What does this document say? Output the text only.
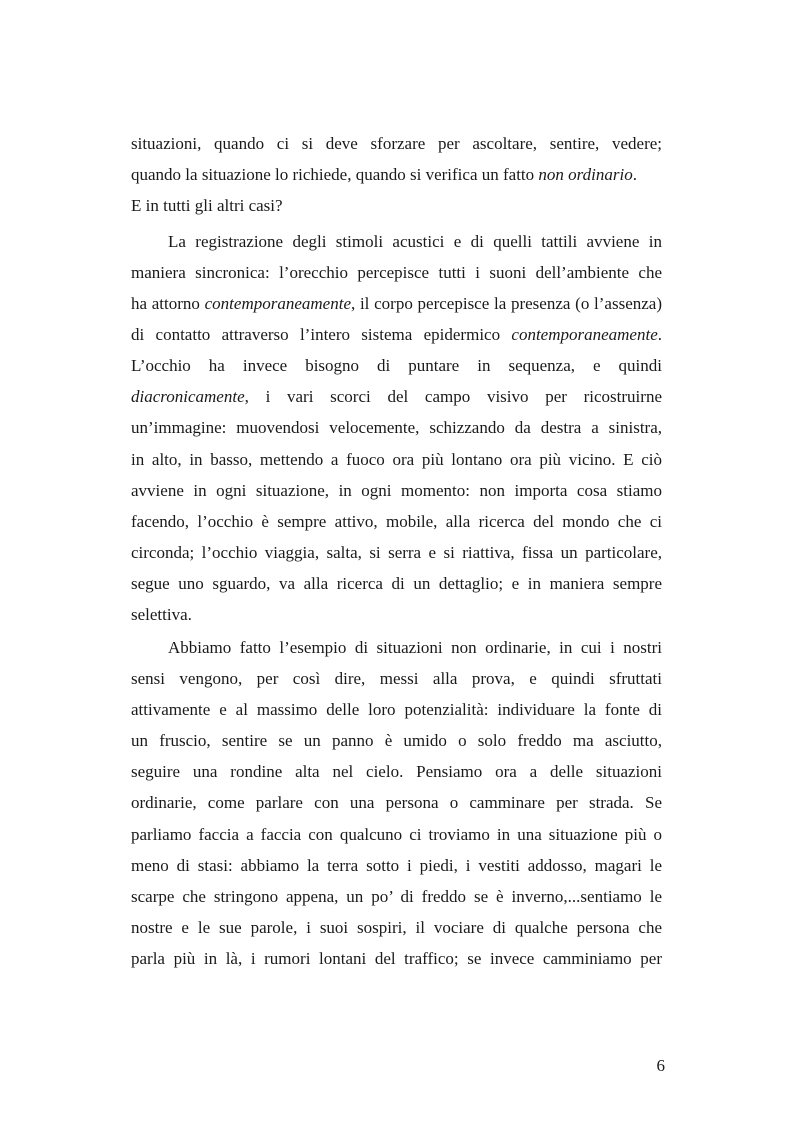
situazioni, quando ci si deve sforzare per ascoltare, sentire, vedere;
quando la situazione lo richiede, quando si verifica un fatto non ordinario.
E in tutti gli altri casi?
La registrazione degli stimoli acustici e di quelli tattili avviene in
maniera sincronica: l’orecchio percepisce tutti i suoni dell’ambiente che
ha attorno contemporaneamente, il corpo percepisce la presenza (o l’assenza)
di contatto attraverso l’intero sistema epidermico contemporaneamente.
L’occhio ha invece bisogno di puntare in sequenza, e quindi
diacronicamente, i vari scorci del campo visivo per ricostruirne
un’immagine: muovendosi velocemente, schizzando da destra a sinistra,
in alto, in basso, mettendo a fuoco ora più lontano ora più vicino. E ciò
avviene in ogni situazione, in ogni momento: non importa cosa stiamo
facendo, l’occhio è sempre attivo, mobile, alla ricerca del mondo che ci
circonda; l’occhio viaggia, salta, si serra e si riattiva, fissa un particolare,
segue uno sguardo, va alla ricerca di un dettaglio; e in maniera sempre
selettiva.
Abbiamo fatto l’esempio di situazioni non ordinarie, in cui i nostri
sensi vengono, per così dire, messi alla prova, e quindi sfruttati
attivamente e al massimo delle loro potenzialità: individuare la fonte di
un fruscio, sentire se un panno è umido o solo freddo ma asciutto,
seguire una rondine alta nel cielo. Pensiamo ora a delle situazioni
ordinarie, come parlare con una persona o camminare per strada. Se
parliamo faccia a faccia con qualcuno ci troviamo in una situazione più o
meno di stasi: abbiamo la terra sotto i piedi, i vestiti addosso, magari le
scarpe che stringono appena, un po’ di freddo se è inverno,...sentiamo le
nostre e le sue parole, i suoi sospiri, il vociare di qualche persona che
parla più in là, i rumori lontani del traffico; se invece camminiamo per
6
